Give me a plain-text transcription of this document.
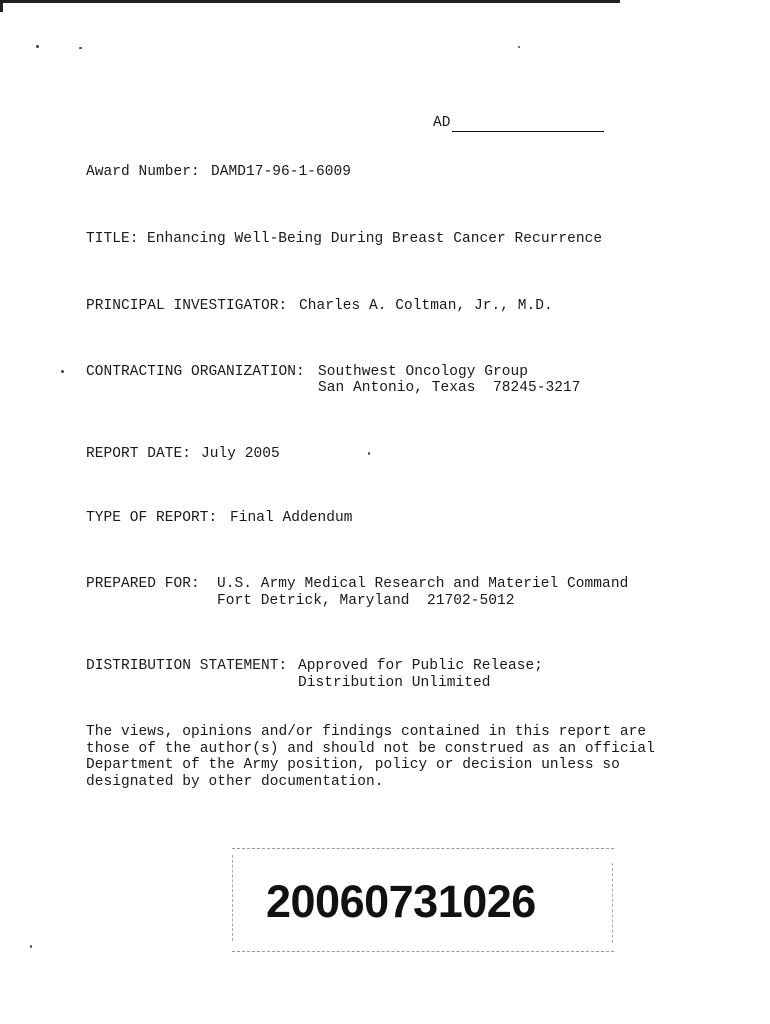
AD
Award Number: DAMD17-96-1-6009
TITLE: Enhancing Well-Being During Breast Cancer Recurrence
PRINCIPAL INVESTIGATOR: Charles A. Coltman, Jr., M.D.
CONTRACTING ORGANIZATION: Southwest Oncology Group
San Antonio, Texas  78245-3217
REPORT DATE: July 2005
TYPE OF REPORT: Final Addendum
PREPARED FOR: U.S. Army Medical Research and Materiel Command
Fort Detrick, Maryland  21702-5012
DISTRIBUTION STATEMENT: Approved for Public Release;
Distribution Unlimited
The views, opinions and/or findings contained in this report are
those of the author(s) and should not be construed as an official
Department of the Army position, policy or decision unless so
designated by other documentation.
20060731026
